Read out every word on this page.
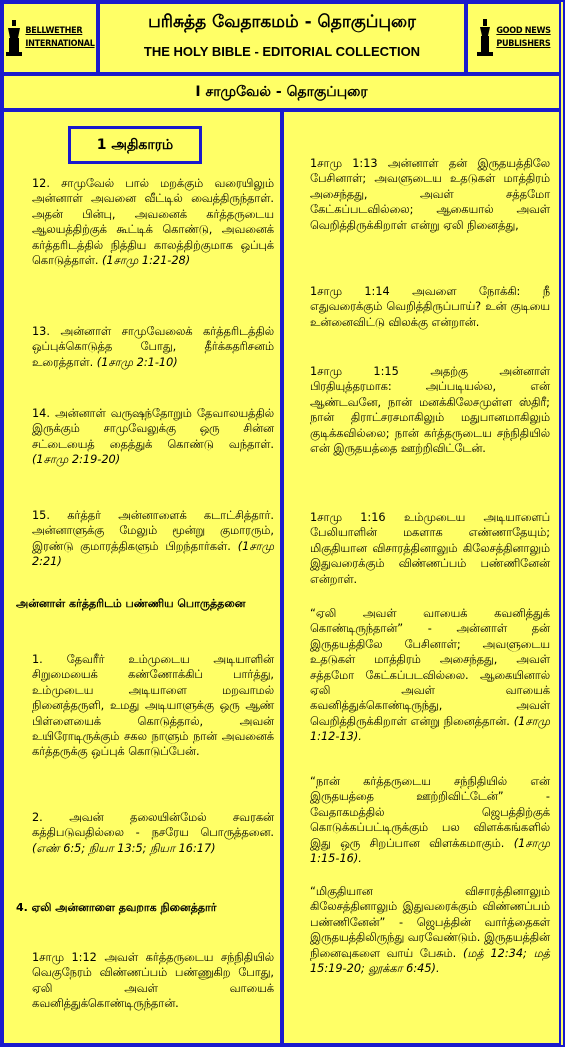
BELLWETHER
INTERNATIONAL
பரிசுத்த வேதாகமம் - தொகுப்புரை
THE HOLY BIBLE - EDITORIAL COLLECTION
GOOD NEWS
PUBLISHERS
I சாமுவேல் - தொகுப்புரை
1 அதிகாரம்
12. சாமுவேல் பால் மறக்கும் வரையிலும் அன்னாள் அவனை வீட்டில் வைத்திருந்தாள். அதன் பின்பு, அவனைக் கர்த்தருடைய ஆலயத்திற்குக் கூட்டிக் கொண்டு, அவனைக் கர்த்தரிடத்தில் நித்திய காலத்திற்குமாக ஒப்புக் கொடுத்தாள். (1சாமு 1:21-28)
13. அன்னாள் சாமுவேலைக் கர்த்தரிடத்தில் ஒப்புக்கொடுத்த போது, தீர்க்கதரிசனம் உரைத்தாள். (1சாமு 2:1-10)
14. அன்னாள் வருஷந்தோறும் தேவாலயத்தில் இருக்கும் சாமுவேலுக்கு ஒரு சின்ன சட்டையைத் தைத்துக் கொண்டு வந்தாள். (1சாமு 2:19-20)
15. கர்த்தர் அன்னாளைக் கடாட்சித்தார். அன்னாளுக்கு மேலும் மூன்று குமாரரும், இரண்டு குமாரத்திகளும் பிறந்தார்கள். (1சாமு 2:21)
அன்னாள் கர்த்தரிடம் பண்ணிய பொருத்தனை
1. தேவரீர் உம்முடைய அடியாளின் சிறுமையைக் கண்ணோக்கிப் பார்த்து, உம்முடைய அடியாளை மறவாமல் நினைத்தருளி, உமது அடியாளுக்கு ஒரு ஆண் பிள்ளையைக் கொடுத்தால், அவன் உயிரோடிருக்கும் சகல நாளும் நான் அவனைக் கர்த்தருக்கு ஒப்புக் கொடுப்பேன்.
2. அவன் தலையின்மேல் சவரகன் கத்திபடுவதில்லை - நசரேய பொருத்தனை. (எண் 6:5; நியா 13:5; நியா 16:17)
4. ஏலி அன்னாளை தவறாக நினைத்தார்
1சாமு 1:12 அவள் கர்த்தருடைய சந்நிதியில் வெகுநேரம் விண்ணப்பம் பண்ணுகிற போது, ஏலி அவள் வாயைக் கவனித்துக்கொண்டிருந்தான்.
1சாமு 1:13 அன்னாள் தன் இருதயத்திலே பேசினாள்; அவளுடைய உதடுகள் மாத்திரம் அசைந்தது, அவள் சத்தமோ கேட்கப்படவில்லை; ஆகையால் அவள் வெறித்திருக்கிறாள் என்று ஏலி நினைத்து,
1சாமு 1:14 அவளை நோக்கி: நீ எதுவரைக்கும் வெறித்திருப்பாய்? உன் குடியை உன்னைவிட்டு விலக்கு என்றான்.
1சாமு 1:15 அதற்கு அன்னாள் பிரதியுத்தரமாக: அப்படியல்ல, என் ஆண்டவனே, நான் மனக்கிலேசமுள்ள ஸ்திரீ; நான் திராட்சரசமாகிலும் மதுபானமாகிலும் குடிக்கவில்லை; நான் கர்த்தருடைய சந்நிதியில் என் இருதயத்தை ஊற்றிவிட்டேன்.
1சாமு 1:16 உம்முடைய அடியாளைப் பேலியாளின் மகளாக எண்ணாதேயும்; மிகுதியான விசாரத்தினாலும் கிலேசத்தினாலும் இதுவரைக்கும் விண்ணப்பம் பண்ணினேன் என்றாள்.
“ஏலி அவள் வாயைக் கவனித்துக் கொண்டிருந்தான்” - அன்னாள் தன் இருதயத்திலே பேசினாள்; அவளுடைய உதடுகள் மாத்திரம் அசைந்தது, அவள் சத்தமோ கேட்கப்படவில்லை. ஆகையினால் ஏலி அவள் வாயைக் கவனித்துக்கொண்டிருந்து, அவள் வெறித்திருக்கிறாள் என்று நினைத்தான். (1சாமு 1:12-13).
“நான் கர்த்தருடைய சந்நிதியில் என் இருதயத்தை ஊற்றிவிட்டேன்” - வேதாகமத்தில் ஜெபத்திற்குக் கொடுக்கப்பட்டிருக்கும் பல விளக்கங்களில் இது ஒரு சிறப்பான விளக்கமாகும். (1சாமு 1:15-16).
“மிகுதியான விசாரத்தினாலும் கிலேசத்தினாலும் இதுவரைக்கும் விண்ணப்பம் பண்ணினேன்” - ஜெபத்தின் வார்த்தைகள் இருதயத்திலிருந்து வரவேண்டும். இருதயத்தின் நினைவுகளை வாய் பேசும். (மத் 12:34; மத் 15:19-20; லூக்கா 6:45).
